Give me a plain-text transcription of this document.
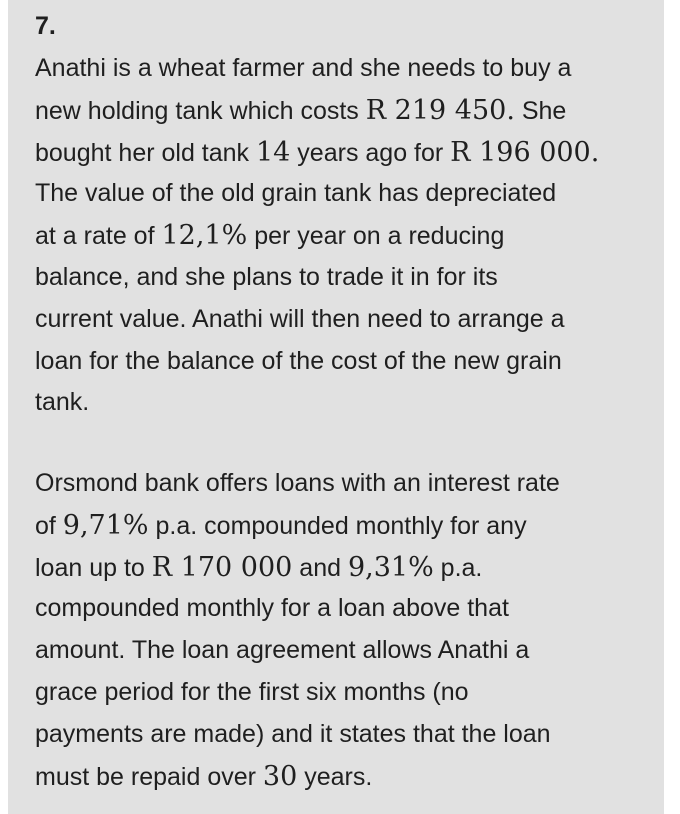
7.

Anathi is a wheat farmer and she needs to buy a
new holding tank which costs R 219 450. She
bought her old tank 14 years ago for R 196 000.
The value of the old grain tank has depreciated
at a rate of 12,1% per year on a reducing
balance, and she plans to trade it in for its
current value. Anathi will then need to arrange a
loan for the balance of the cost of the new grain
tank.

Orsmond bank offers loans with an interest rate
of 9,71% p.a. compounded monthly for any
loan up to R 170 000 and 9,31% p.a.
compounded monthly for a loan above that
amount. The loan agreement allows Anathi a
grace period for the first six months (no
payments are made) and it states that the loan
must be repaid over 30 years.
